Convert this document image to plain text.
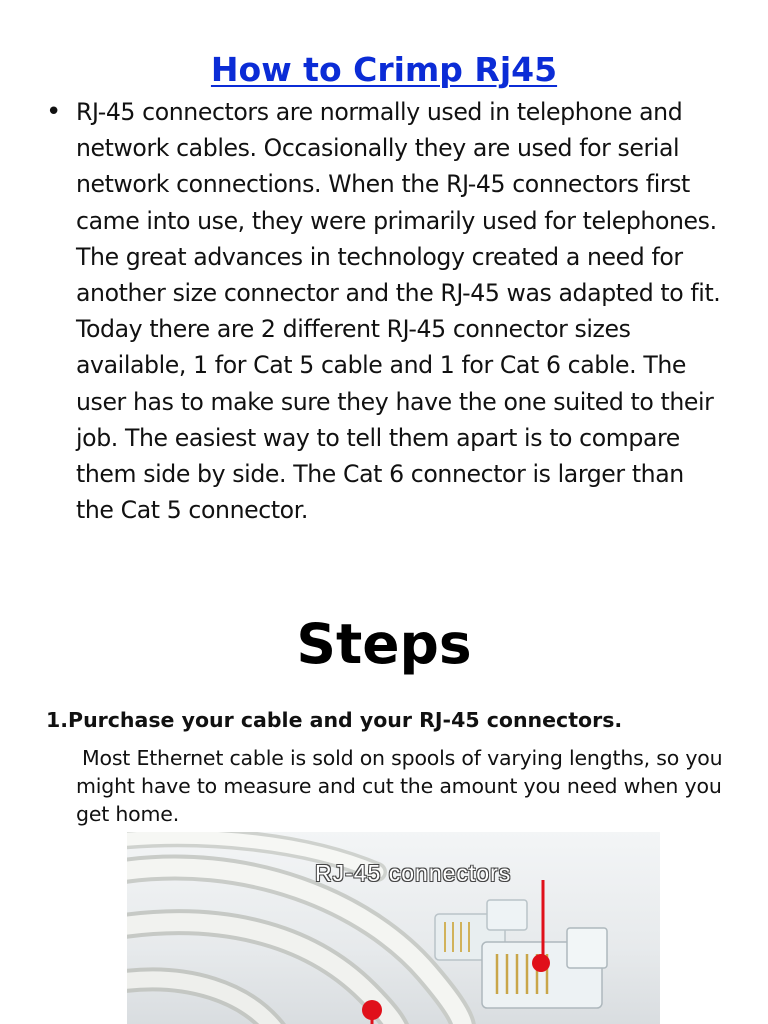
How to Crimp Rj45
• RJ-45 connectors are normally used in telephone and network cables. Occasionally they are used for serial network connections. When the RJ-45 connectors first came into use, they were primarily used for telephones. The great advances in technology created a need for another size connector and the RJ-45 was adapted to fit. Today there are 2 different RJ-45 connector sizes available, 1 for Cat 5 cable and 1 for Cat 6 cable. The user has to make sure they have the one suited to their job. The easiest way to tell them apart is to compare them side by side. The Cat 6 connector is larger than the Cat 5 connector.

Steps

1.Purchase your cable and your RJ-45 connectors.

Most Ethernet cable is sold on spools of varying lengths, so you might have to measure and cut the amount you need when you get home.

RJ-45 connectors
